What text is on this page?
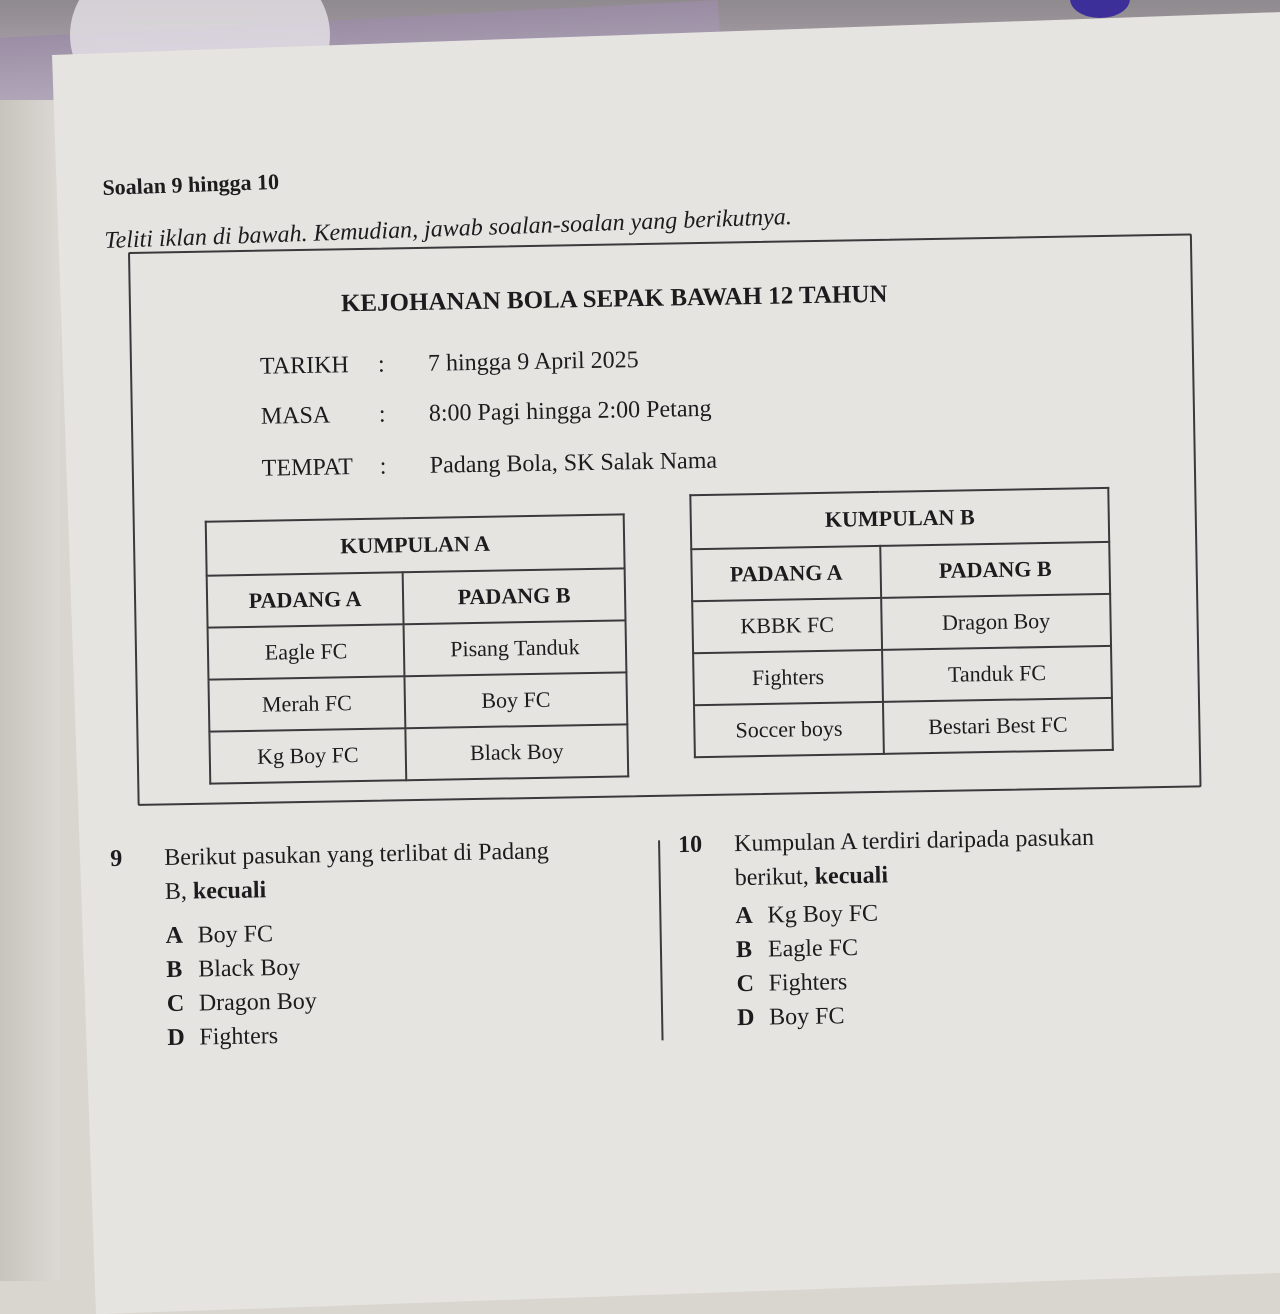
Soalan 9 hingga 10
Teliti iklan di bawah. Kemudian, jawab soalan-soalan yang berikutnya.
KEJOHANAN BOLA SEPAK BAWAH 12 TAHUN
TARIKH : 7 hingga 9 April 2025
MASA : 8:00 Pagi hingga 2:00 Petang
TEMPAT : Padang Bola, SK Salak Nama
KUMPULAN A	
PADANG A	PADANG B
Eagle FC	Pisang Tanduk
Merah FC	Boy FC
Kg Boy FC	Black Boy
KUMPULAN B	
PADANG A	PADANG B
KBBK FC	Dragon Boy
Fighters	Tanduk FC
Soccer boys	Bestari Best FC
9 Berikut pasukan yang terlibat di Padang
B, kecuali
A Boy FC
B Black Boy
C Dragon Boy
D Fighters
10 Kumpulan A terdiri daripada pasukan
berikut, kecuali
A Kg Boy FC
B Eagle FC
C Fighters
D Boy FC
